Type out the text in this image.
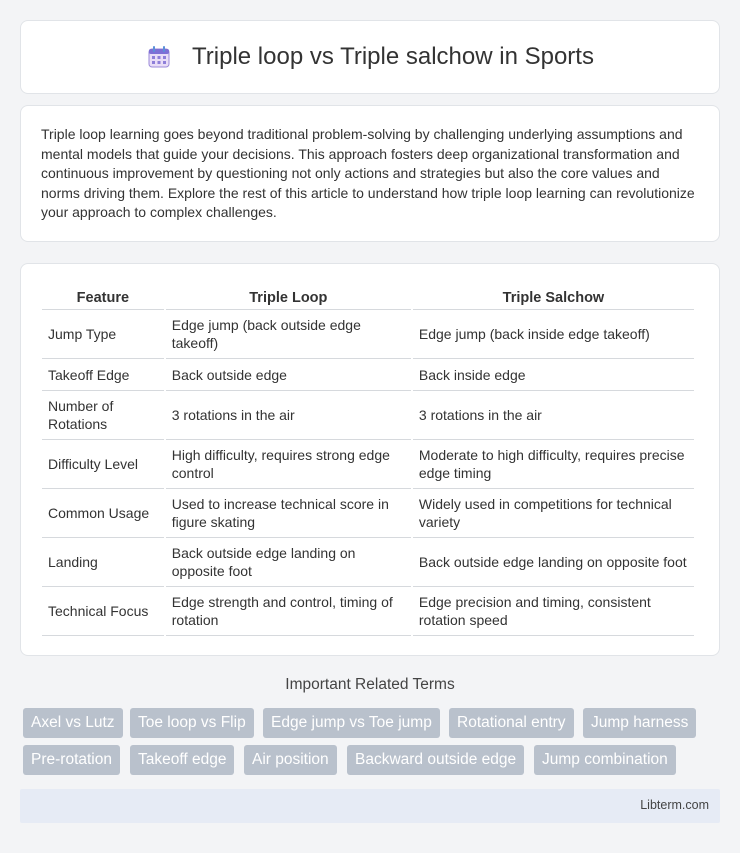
Triple loop vs Triple salchow in Sports

Triple loop learning goes beyond traditional problem-solving by challenging underlying assumptions and mental models that guide your decisions. This approach fosters deep organizational transformation and continuous improvement by questioning not only actions and strategies but also the core values and norms driving them. Explore the rest of this article to understand how triple loop learning can revolutionize your approach to complex challenges.

Feature	Triple Loop	Triple Salchow
Jump Type	Edge jump (back outside edge takeoff)	Edge jump (back inside edge takeoff)
Takeoff Edge	Back outside edge	Back inside edge
Number of Rotations	3 rotations in the air	3 rotations in the air
Difficulty Level	High difficulty, requires strong edge control	Moderate to high difficulty, requires precise edge timing
Common Usage	Used to increase technical score in figure skating	Widely used in competitions for technical variety
Landing	Back outside edge landing on opposite foot	Back outside edge landing on opposite foot
Technical Focus	Edge strength and control, timing of rotation	Edge precision and timing, consistent rotation speed
Important Related Terms
Axel vs Lutz	Toe loop vs Flip	Edge jump vs Toe jump	Rotational entry	Jump harness
Pre-rotation	Takeoff edge	Air position	Backward outside edge	Jump combination
Libterm.com
